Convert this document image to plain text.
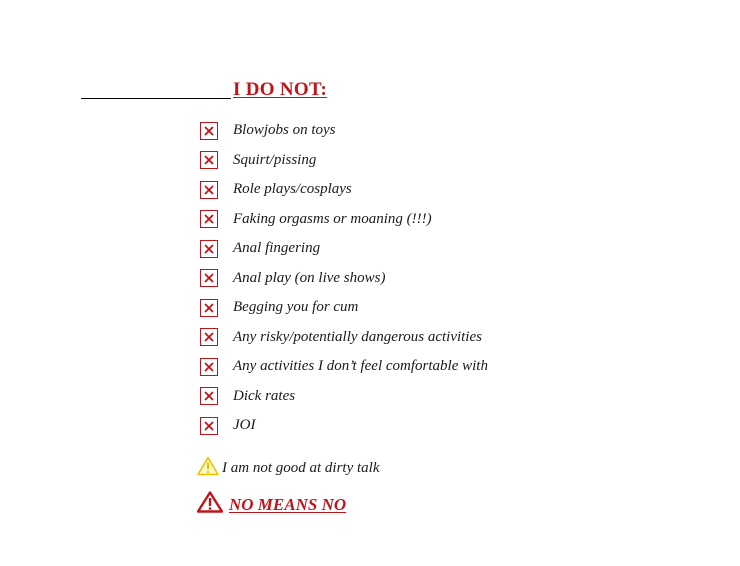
I DO NOT:
Blowjobs on toys
Squirt/pissing
Role plays/cosplays
Faking orgasms or moaning (!!!)
Anal fingering
Anal play (on live shows)
Begging you for cum
Any risky/potentially dangerous activities
Any activities I don’t feel comfortable with
Dick rates
JOI
I am not good at dirty talk
NO MEANS NO
